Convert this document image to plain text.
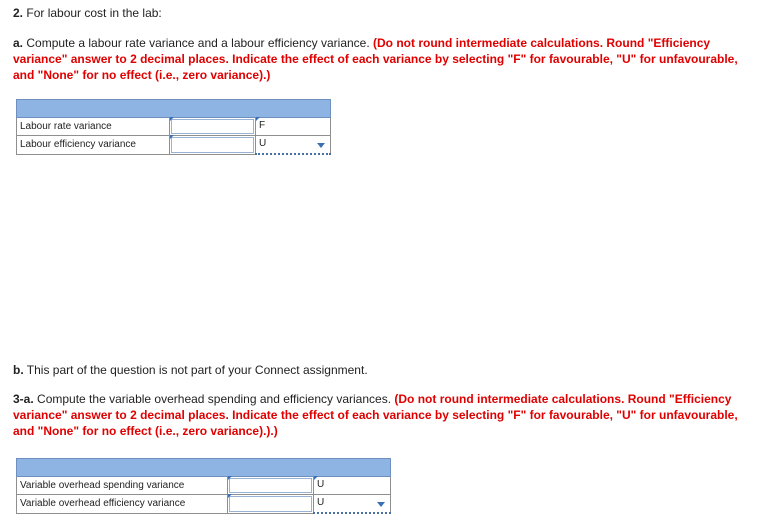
2. For labour cost in the lab:
a. Compute a labour rate variance and a labour efficiency variance. (Do not round intermediate calculations. Round "Efficiency
variance" answer to 2 decimal places. Indicate the effect of each variance by selecting "F" for favourable, "U" for unfavourable,
and "None" for no effect (i.e., zero variance).)

Labour rate variance		F

Labour efficiency variance		U
b. This part of the question is not part of your Connect assignment.
3-a. Compute the variable overhead spending and efficiency variances. (Do not round intermediate calculations. Round "Efficiency
variance" answer to 2 decimal places. Indicate the effect of each variance by selecting "F" for favourable, "U" for unfavourable,
and "None" for no effect (i.e., zero variance).).)

Variable overhead spending variance		U

Variable overhead efficiency variance		U
